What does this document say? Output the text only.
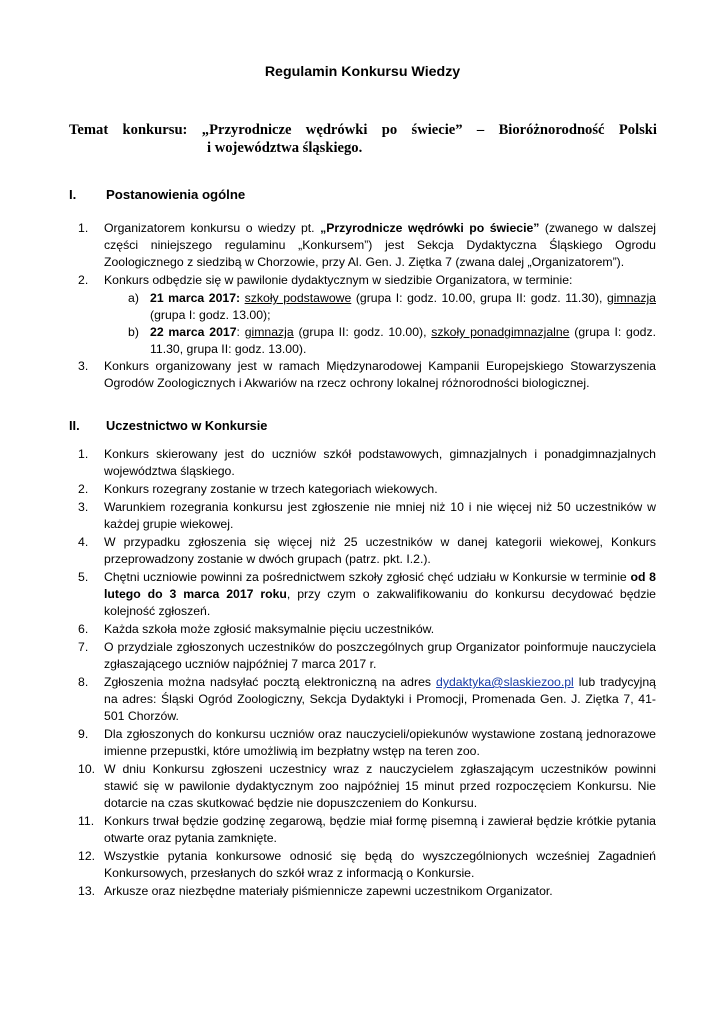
Regulamin Konkursu Wiedzy
Temat konkursu: „Przyrodnicze wędrówki po świecie” – Bioróżnorodność Polski
i województwa śląskiego.
I. Postanowienia ogólne
1.	Organizatorem konkursu o wiedzy pt. „Przyrodnicze wędrówki po świecie” (zwanego w dalszej części niniejszego regulaminu „Konkursem”) jest Sekcja Dydaktyczna Śląskiego Ogrodu Zoologicznego z siedzibą w Chorzowie, przy Al. Gen. J. Ziętka 7 (zwana dalej „Organizatorem”).
2.	Konkurs odbędzie się w pawilonie dydaktycznym w siedzibie Organizatora, w terminie:
a) 21 marca 2017: szkoły podstawowe (grupa I: godz. 10.00, grupa II: godz. 11.30), gimnazja (grupa I: godz. 13.00);
b) 22 marca 2017: gimnazja (grupa II: godz. 10.00), szkoły ponadgimnazjalne (grupa I: godz. 11.30, grupa II: godz. 13.00).
3.	Konkurs organizowany jest w ramach Międzynarodowej Kampanii Europejskiego Stowarzyszenia Ogrodów Zoologicznych i Akwariów na rzecz ochrony lokalnej różnorodności biologicznej.
II. Uczestnictwo w Konkursie
1.	Konkurs skierowany jest do uczniów szkół podstawowych, gimnazjalnych i ponadgimnazjalnych województwa śląskiego.
2.	Konkurs rozegrany zostanie w trzech kategoriach wiekowych.
3.	Warunkiem rozegrania konkursu jest zgłoszenie nie mniej niż 10 i nie więcej niż 50 uczestników w każdej grupie wiekowej.
4.	W przypadku zgłoszenia się więcej niż 25 uczestników w danej kategorii wiekowej, Konkurs przeprowadzony zostanie w dwóch grupach (patrz. pkt. I.2.).
5.	Chętni uczniowie powinni za pośrednictwem szkoły zgłosić chęć udziału w Konkursie w terminie od 8 lutego do 3 marca 2017 roku, przy czym o zakwalifikowaniu do konkursu decydować będzie kolejność zgłoszeń.
6.	Każda szkoła może zgłosić maksymalnie pięciu uczestników.
7.	O przydziale zgłoszonych uczestników do poszczególnych grup Organizator poinformuje nauczyciela zgłaszającego uczniów najpóźniej 7 marca 2017 r.
8.	Zgłoszenia można nadsyłać pocztą elektroniczną na adres dydaktyka@slaskiezoo.pl lub tradycyjną na adres: Śląski Ogród Zoologiczny, Sekcja Dydaktyki i Promocji, Promenada Gen. J. Ziętka 7, 41-501 Chorzów.
9.	Dla zgłoszonych do konkursu uczniów oraz nauczycieli/opiekunów wystawione zostaną jednorazowe imienne przepustki, które umożliwią im bezpłatny wstęp na teren zoo.
10. W dniu Konkursu zgłoszeni uczestnicy wraz z nauczycielem zgłaszającym uczestników powinni stawić się w pawilonie dydaktycznym zoo najpóźniej 15 minut przed rozpoczęciem Konkursu. Nie dotarcie na czas skutkować będzie nie dopuszczeniem do Konkursu.
11. Konkurs trwał będzie godzinę zegarową, będzie miał formę pisemną i zawierał będzie krótkie pytania otwarte oraz pytania zamknięte.
12. Wszystkie pytania konkursowe odnosić się będą do wyszczególnionych wcześniej Zagadnień Konkursowych, przesłanych do szkół wraz z informacją o Konkursie.
13. Arkusze oraz niezbędne materiały piśmiennicze zapewni uczestnikom Organizator.
